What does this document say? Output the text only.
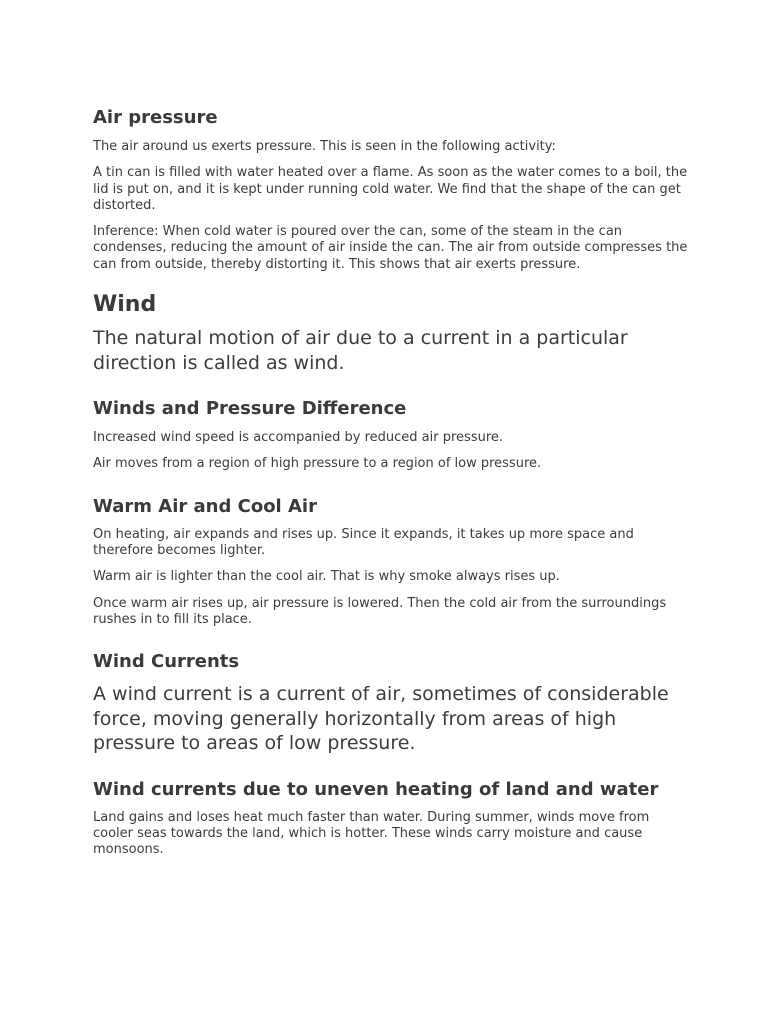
Air pressure

The air around us exerts pressure. This is seen in the following activity:

A tin can is filled with water heated over a flame. As soon as the water comes to a boil, the lid is put on, and it is kept under running cold water. We find that the shape of the can get distorted.

Inference: When cold water is poured over the can, some of the steam in the can condenses, reducing the amount of air inside the can. The air from outside compresses the can from outside, thereby distorting it. This shows that air exerts pressure.

Wind

The natural motion of air due to a current in a particular direction is called as wind.

Winds and Pressure Difference

Increased wind speed is accompanied by reduced air pressure.

Air moves from a region of high pressure to a region of low pressure.

Warm Air and Cool Air

On heating, air expands and rises up. Since it expands, it takes up more space and therefore becomes lighter.

Warm air is lighter than the cool air. That is why smoke always rises up.

Once warm air rises up, air pressure is lowered. Then the cold air from the surroundings rushes in to fill its place.

Wind Currents

A wind current is a current of air, sometimes of considerable force, moving generally horizontally from areas of high pressure to areas of low pressure.

Wind currents due to uneven heating of land and water

Land gains and loses heat much faster than water. During summer, winds move from cooler seas towards the land, which is hotter. These winds carry moisture and cause monsoons.
